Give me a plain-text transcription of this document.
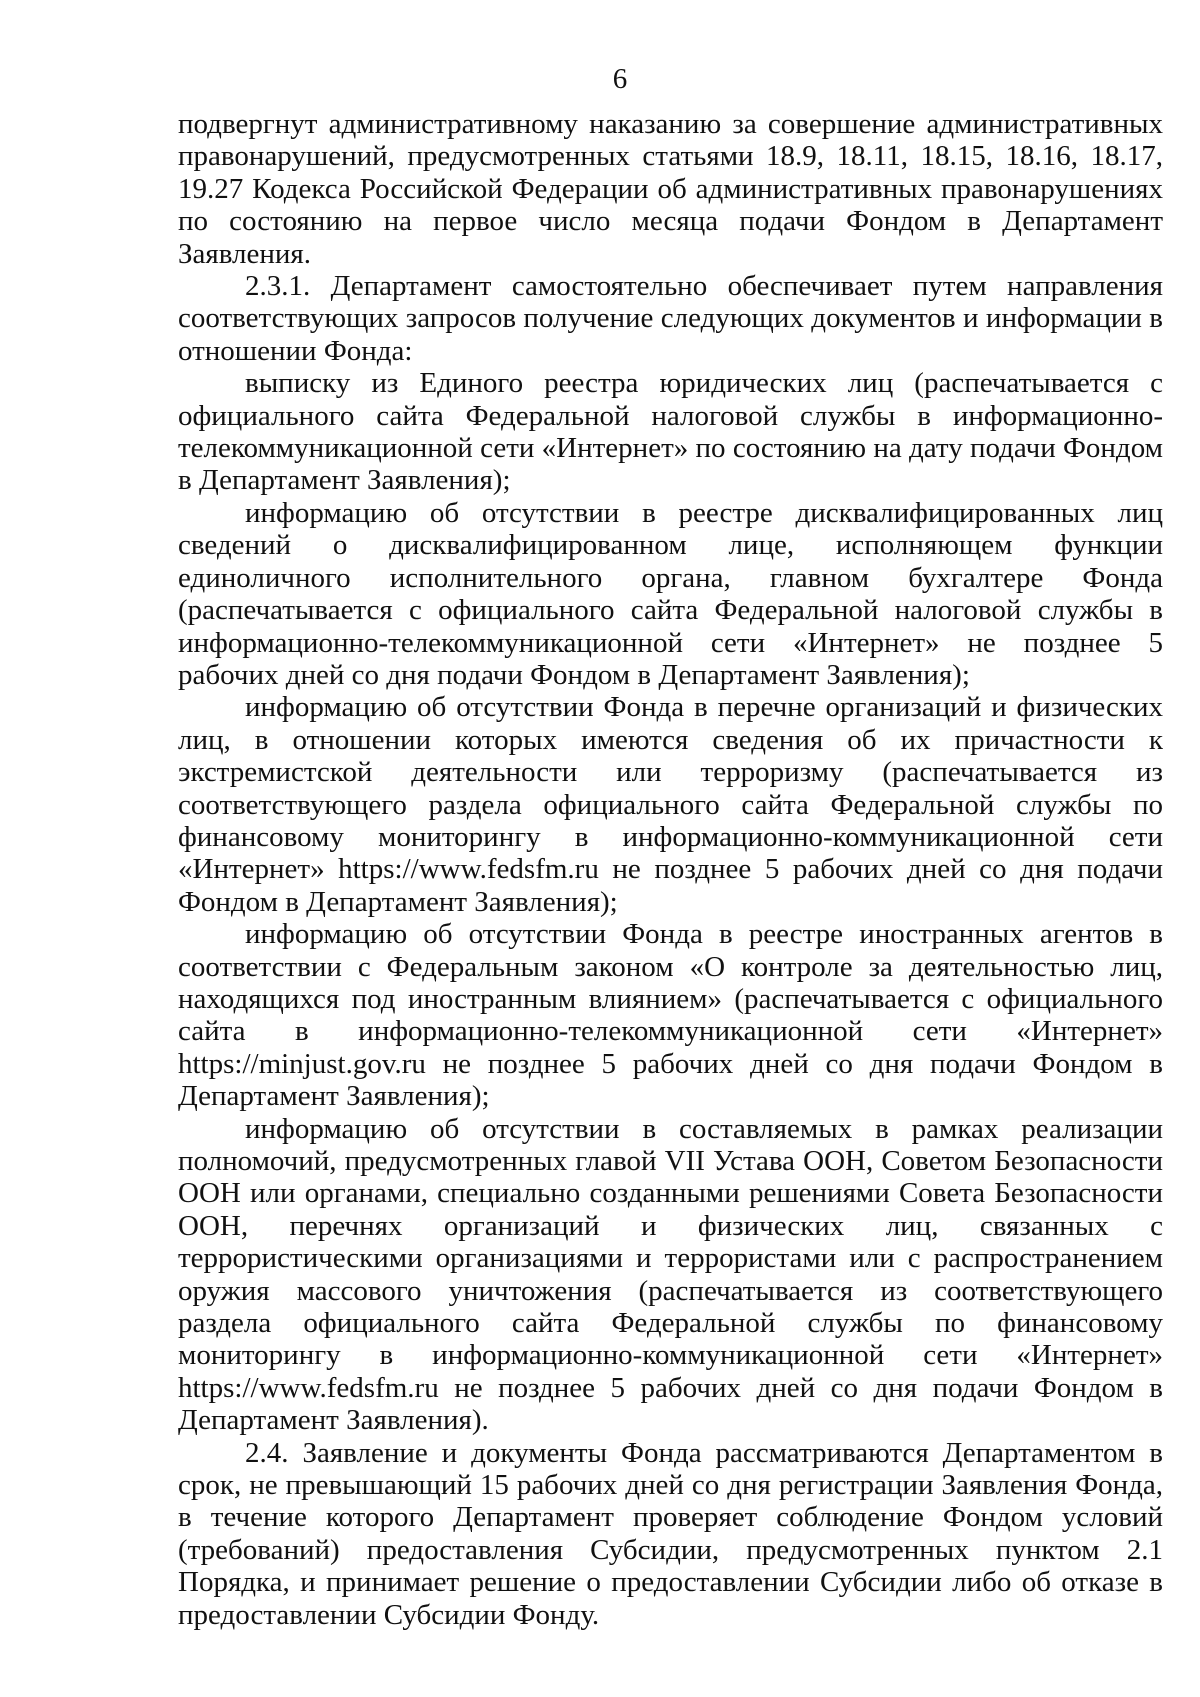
6

подвергнут административному наказанию за совершение административных правонарушений, предусмотренных статьями 18.9, 18.11, 18.15, 18.16, 18.17, 19.27 Кодекса Российской Федерации об административных правонарушениях по состоянию на первое число месяца подачи Фондом в Департамент Заявления.

2.3.1. Департамент самостоятельно обеспечивает путем направления соответствующих запросов получение следующих документов и информации в отношении Фонда:

выписку из Единого реестра юридических лиц (распечатывается с официального сайта Федеральной налоговой службы в информационно-телекоммуникационной сети «Интернет» по состоянию на дату подачи Фондом в Департамент Заявления);

информацию об отсутствии в реестре дисквалифицированных лиц сведений о дисквалифицированном лице, исполняющем функции единоличного исполнительного органа, главном бухгалтере Фонда (распечатывается с официального сайта Федеральной налоговой службы в информационно-телекоммуникационной сети «Интернет» не позднее 5 рабочих дней со дня подачи Фондом в Департамент Заявления);

информацию об отсутствии Фонда в перечне организаций и физических лиц, в отношении которых имеются сведения об их причастности к экстремистской деятельности или терроризму (распечатывается из соответствующего раздела официального сайта Федеральной службы по финансовому мониторингу в информационно-коммуникационной сети «Интернет» https://www.fedsfm.ru не позднее 5 рабочих дней со дня подачи Фондом в Департамент Заявления);

информацию об отсутствии Фонда в реестре иностранных агентов в соответствии с Федеральным законом «О контроле за деятельностью лиц, находящихся под иностранным влиянием» (распечатывается с официального сайта в информационно-телекоммуникационной сети «Интернет» https://minjust.gov.ru не позднее 5 рабочих дней со дня подачи Фондом в Департамент Заявления);

информацию об отсутствии в составляемых в рамках реализации полномочий, предусмотренных главой VII Устава ООН, Советом Безопасности ООН или органами, специально созданными решениями Совета Безопасности ООН, перечнях организаций и физических лиц, связанных с террористическими организациями и террористами или с распространением оружия массового уничтожения (распечатывается из соответствующего раздела официального сайта Федеральной службы по финансовому мониторингу в информационно-коммуникационной сети «Интернет» https://www.fedsfm.ru не позднее 5 рабочих дней со дня подачи Фондом в Департамент Заявления).

2.4. Заявление и документы Фонда рассматриваются Департаментом в срок, не превышающий 15 рабочих дней со дня регистрации Заявления Фонда, в течение которого Департамент проверяет соблюдение Фондом условий (требований) предоставления Субсидии, предусмотренных пунктом 2.1 Порядка, и принимает решение о предоставлении Субсидии либо об отказе в предоставлении Субсидии Фонду.
